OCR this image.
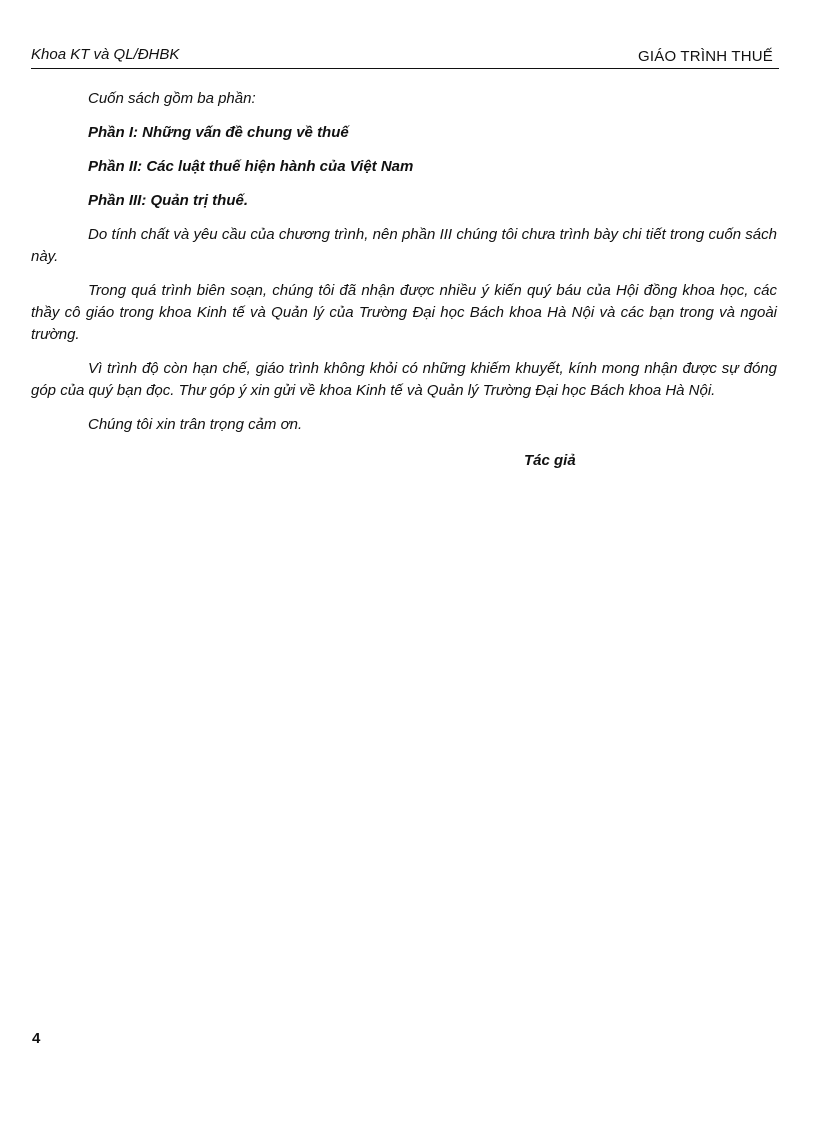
Khoa KT và QL/ĐHBK	GIÁO TRÌNH THUẾ

Cuốn sách gồm ba phần:

Phần I: Những vấn đề chung về thuế

Phần II: Các luật thuế hiện hành của Việt Nam

Phần III: Quản trị thuế.

Do tính chất và yêu cầu của chương trình, nên phần III chúng tôi chưa trình bày chi tiết trong cuốn sách này.

Trong quá trình biên soạn, chúng tôi đã nhận được nhiều ý kiến quý báu của Hội đồng khoa học, các thầy cô giáo trong khoa Kinh tế và Quản lý của Trường Đại học Bách khoa Hà Nội và các bạn trong và ngoài trường.

Vì trình độ còn hạn chế, giáo trình không khỏi có những khiếm khuyết, kính mong nhận được sự đóng góp của quý bạn đọc. Thư góp ý xin gửi về khoa Kinh tế và Quản lý Trường Đại học Bách khoa Hà Nội.

Chúng tôi xin trân trọng cảm ơn.

Tác giả

4
